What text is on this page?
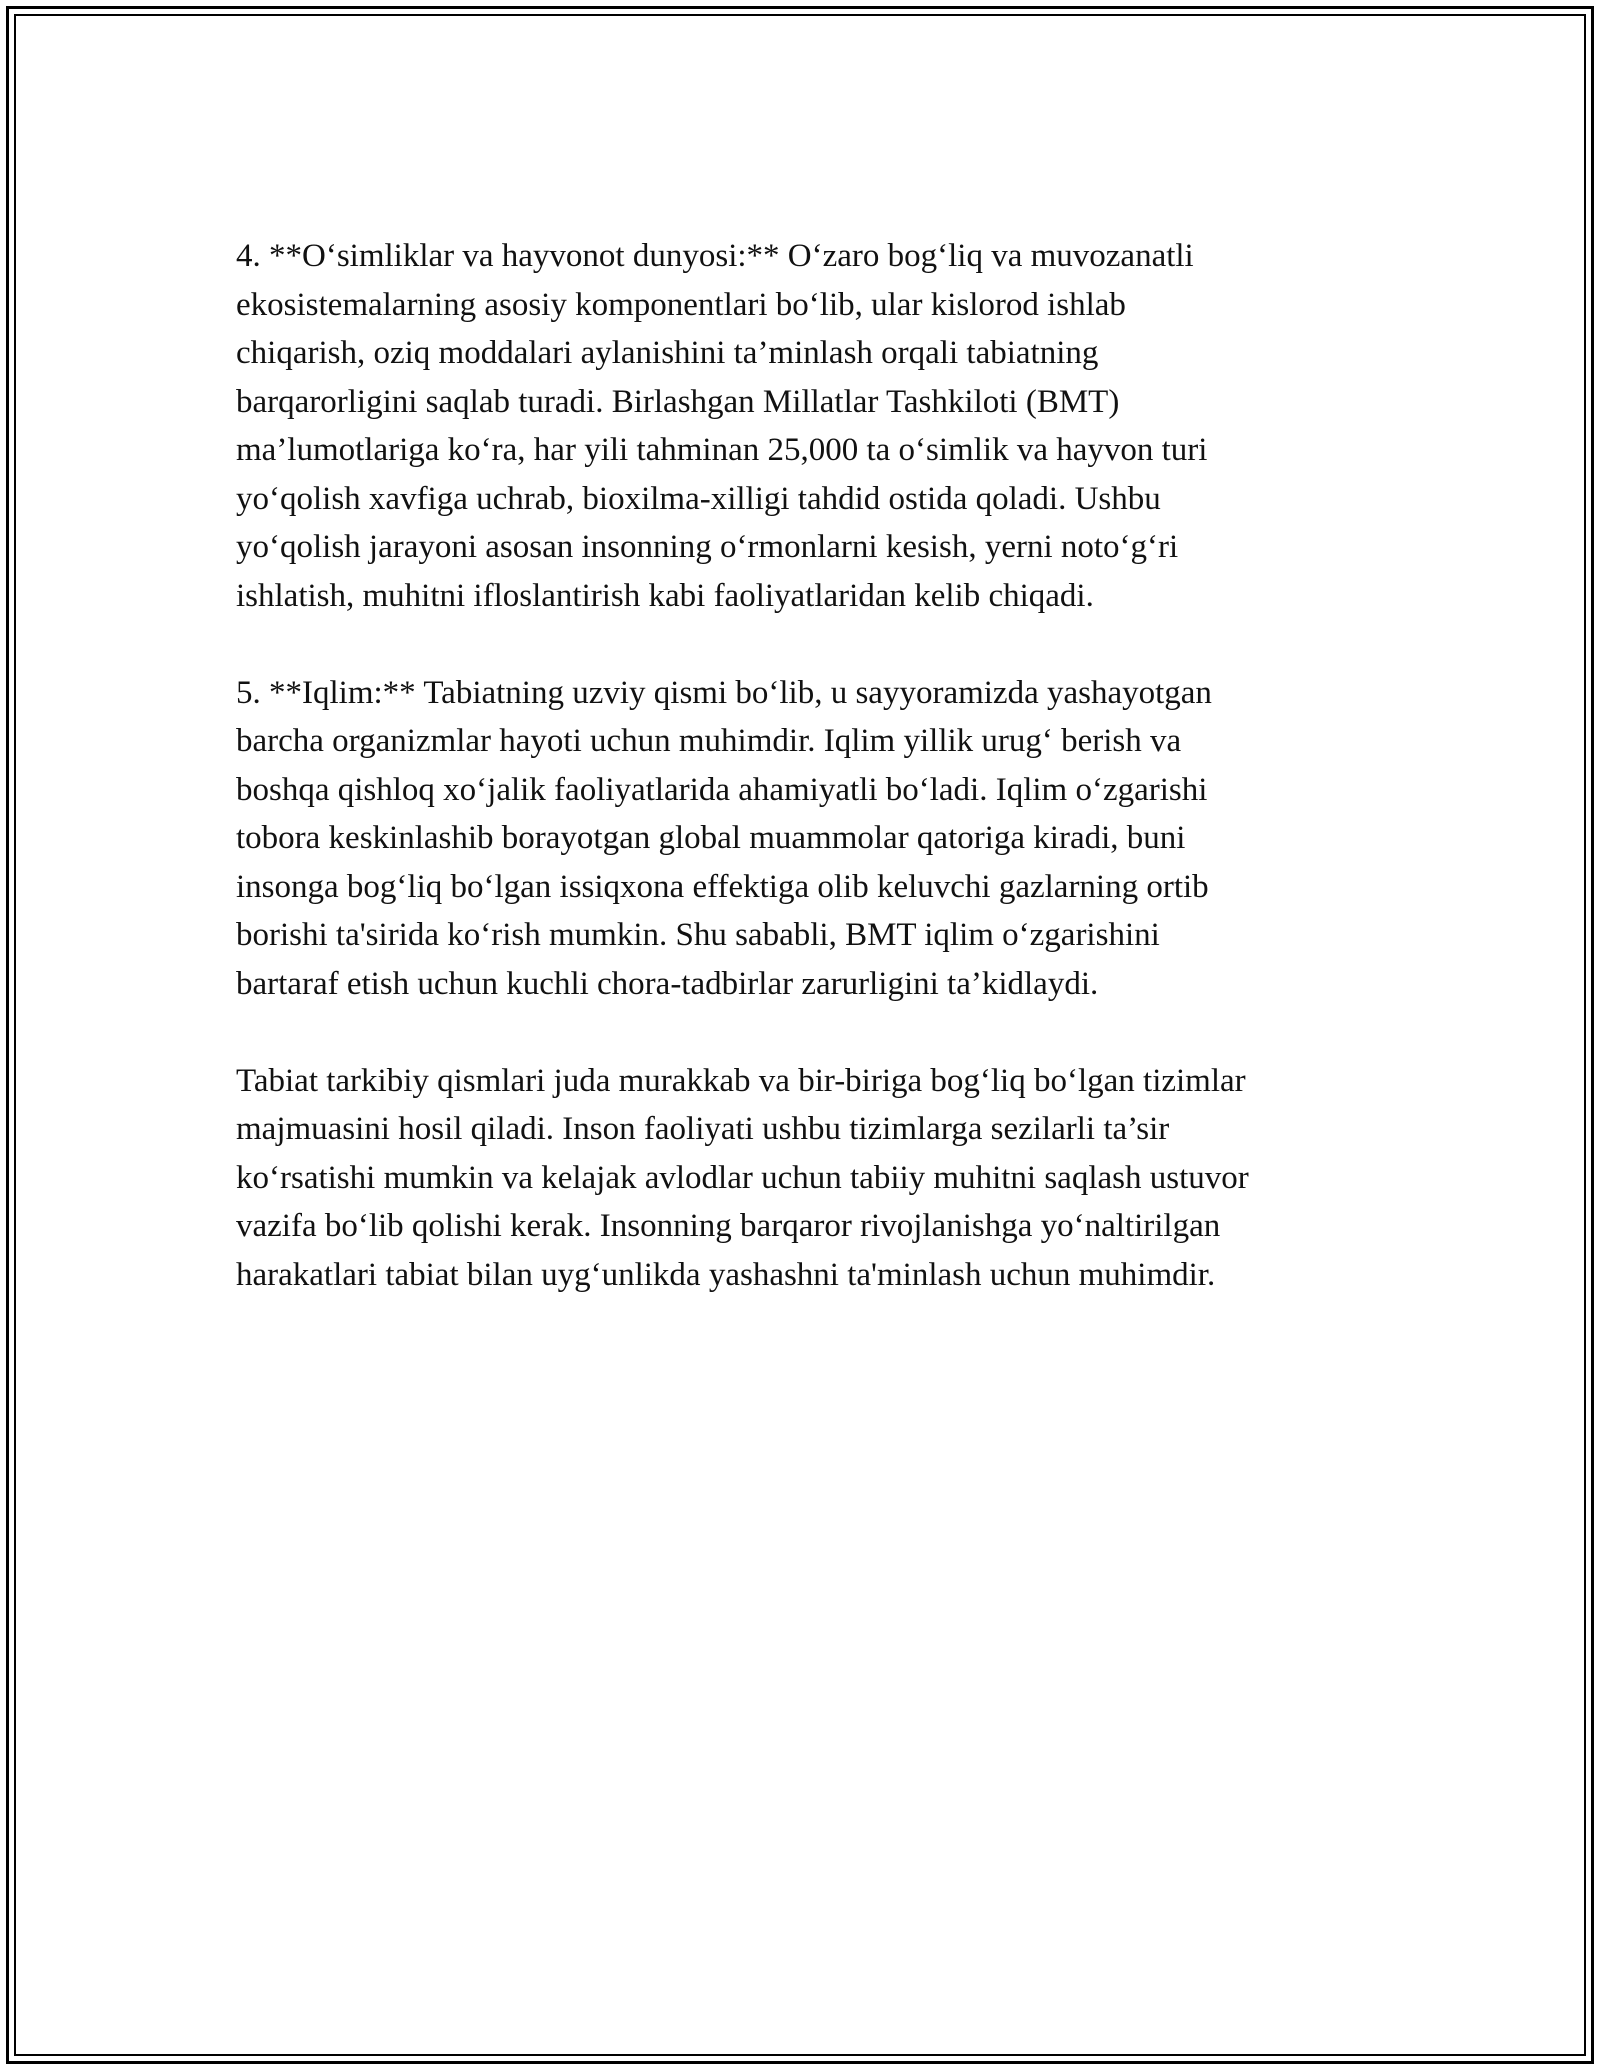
4. **O‘simliklar va hayvonot dunyosi:** O‘zaro bog‘liq va muvozanatli
ekosistemalarning asosiy komponentlari bo‘lib, ular kislorod ishlab
chiqarish, oziq moddalari aylanishini ta’minlash orqali tabiatning
barqarorligini saqlab turadi. Birlashgan Millatlar Tashkiloti (BMT)
ma’lumotlariga ko‘ra, har yili tahminan 25,000 ta o‘simlik va hayvon turi
yo‘qolish xavfiga uchrab, bioxilma-xilligi tahdid ostida qoladi. Ushbu
yo‘qolish jarayoni asosan insonning o‘rmonlarni kesish, yerni noto‘g‘ri
ishlatish, muhitni ifloslantirish kabi faoliyatlaridan kelib chiqadi.

5. **Iqlim:** Tabiatning uzviy qismi bo‘lib, u sayyoramizda yashayotgan
barcha organizmlar hayoti uchun muhimdir. Iqlim yillik urug‘ berish va
boshqa qishloq xo‘jalik faoliyatlarida ahamiyatli bo‘ladi. Iqlim o‘zgarishi
tobora keskinlashib borayotgan global muammolar qatoriga kiradi, buni
insonga bog‘liq bo‘lgan issiqxona effektiga olib keluvchi gazlarning ortib
borishi ta'sirida ko‘rish mumkin. Shu sababli, BMT iqlim o‘zgarishini
bartaraf etish uchun kuchli chora-tadbirlar zarurligini ta’kidlaydi.

Tabiat tarkibiy qismlari juda murakkab va bir-biriga bog‘liq bo‘lgan tizimlar
majmuasini hosil qiladi. Inson faoliyati ushbu tizimlarga sezilarli ta’sir
ko‘rsatishi mumkin va kelajak avlodlar uchun tabiiy muhitni saqlash ustuvor
vazifa bo‘lib qolishi kerak. Insonning barqaror rivojlanishga yo‘naltirilgan
harakatlari tabiat bilan uyg‘unlikda yashashni ta'minlash uchun muhimdir.
